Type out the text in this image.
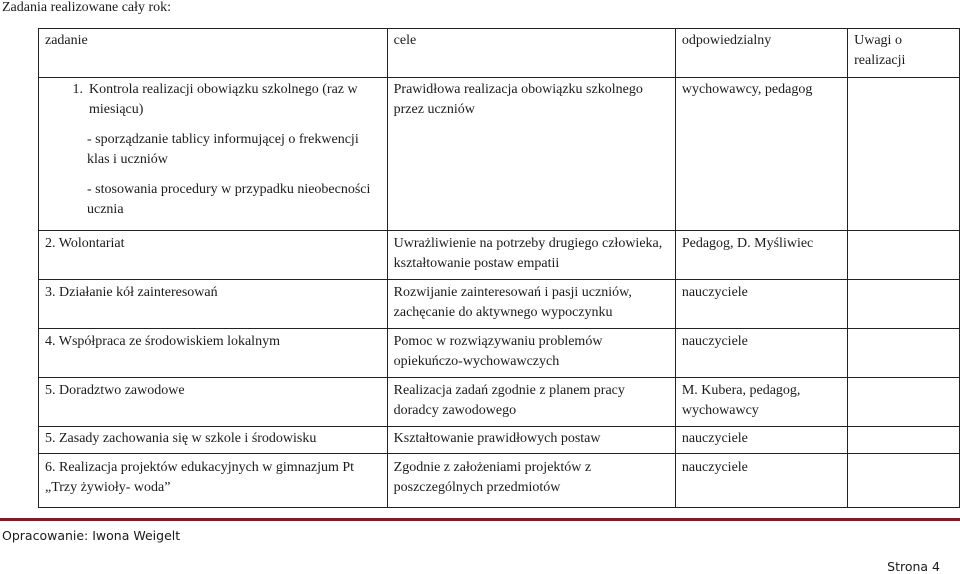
Zadania realizowane cały rok:
zadanie	cele	odpowiedzialny	Uwagi o realizacji

1. Kontrola realizacji obowiązku szkolnego (raz w miesiącu)

- sporządzanie tablicy informującej o frekwencji klas i uczniów

- stosowania procedury w przypadku nieobecności ucznia	Prawidłowa realizacja obowiązku szkolnego przez uczniów	wychowawcy, pedagog	
2. Wolontariat	Uwrażliwienie na potrzeby drugiego człowieka, kształtowanie postaw empatii	Pedagog, D. Myśliwiec	
3. Działanie kół zainteresowań	Rozwijanie zainteresowań i pasji uczniów, zachęcanie do aktywnego wypoczynku	nauczyciele	
4. Współpraca ze środowiskiem lokalnym	Pomoc w rozwiązywaniu problemów opiekuńczo-wychowawczych	nauczyciele	
5. Doradztwo zawodowe	Realizacja zadań zgodnie z planem pracy doradcy zawodowego	M. Kubera, pedagog, wychowawcy	
5. Zasady zachowania się w szkole i środowisku	Kształtowanie prawidłowych postaw	nauczyciele	
6. Realizacja projektów edukacyjnych w gimnazjum Pt „Trzy żywioły- woda”	Zgodnie z założeniami projektów z poszczególnych przedmiotów	nauczyciele	
Opracowanie: Iwona Weigelt
Strona 4
